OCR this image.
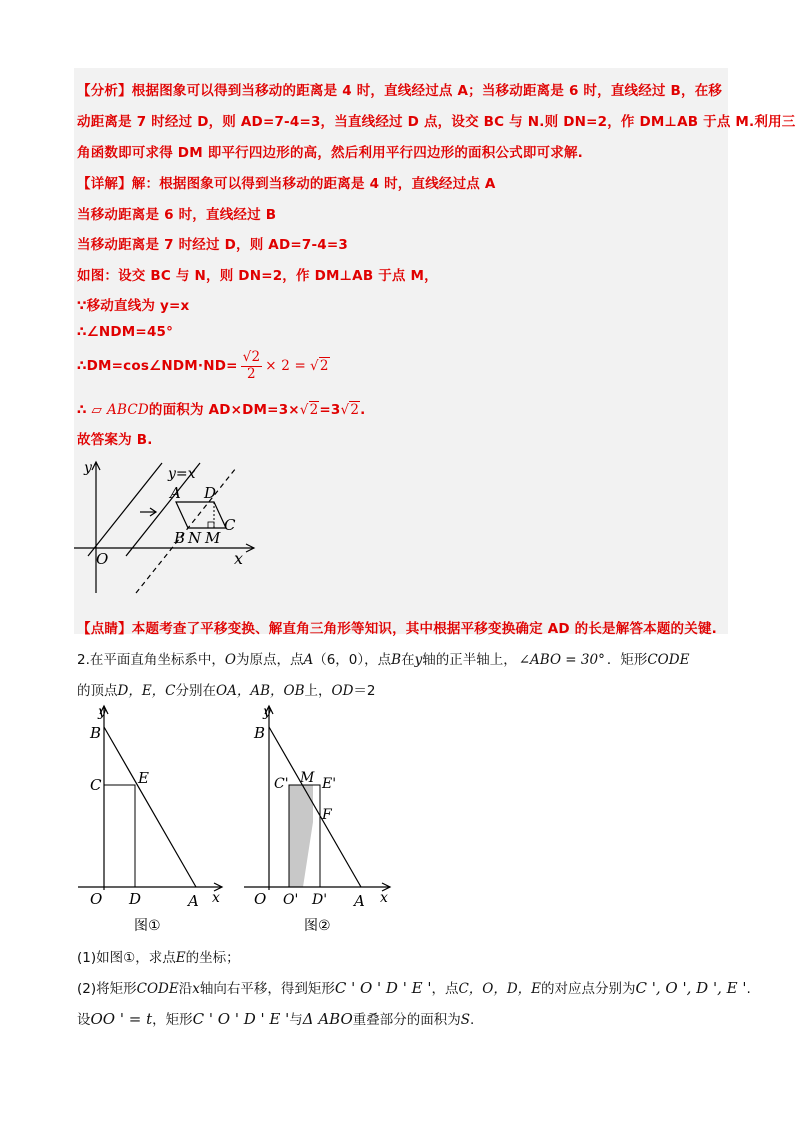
【分析】根据图象可以得到当移动的距离是 4 时，直线经过点 A；当移动距离是 6 时，直线经过 B，在移
动距离是 7 时经过 D，则 AD=7-4=3，当直线经过 D 点，设交 BC 与 N.则 DN=2，作 DM⊥AB 于点 M.利用三
角函数即可求得 DM 即平行四边形的高，然后利用平行四边形的面积公式即可求解.
【详解】解：根据图象可以得到当移动的距离是 4 时，直线经过点 A
当移动距离是 6 时，直线经过 B
当移动距离是 7 时经过 D，则 AD=7-4=3
如图：设交 BC 与 N，则 DN=2，作 DM⊥AB 于点 M，
∵移动直线为 y=x
∴∠NDM=45°
∴DM=cos∠NDM·ND= $\frac{√2}{2} \times 2 = √2$
∴ ▱ ABCD的面积为 AD×DM=3×√2=3√2.
故答案为 B.
y
x
O
y=x
A D
C
B N M
【点睛】本题考查了平移变换、解直角三角形等知识，其中根据平移变换确定 AD 的长是解答本题的关键.
2.在平面直角坐标系中，O为原点，点A（6，0），点B在y轴的正半轴上， ∠ABO = 30° ．矩形CODE
的顶点D，E，C分别在OA，AB，OB上，OD＝2
y
x
B
C E
O D	A
图①
y
x
B
C' M E'
F
O O' D' A
图②
(1)如图①，求点E的坐标；
(2)将矩形CODE沿x轴向右平移，得到矩形C ' O ' D ' E '，点C，O，D，E的对应点分别为C ', O ', D ', E '.
设OO ' = t，矩形C ' O ' D ' E '与Δ ABO重叠部分的面积为S.
